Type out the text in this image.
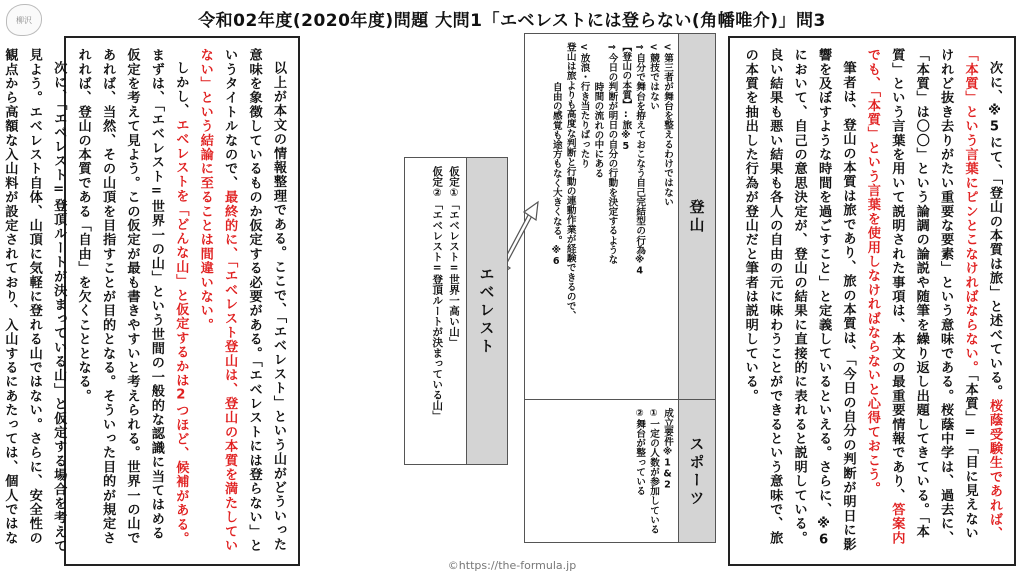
柳沢	令和02年度(2020年度)問題 大問1「エベレストには登らない(角幡唯介)」問3

次に、※5にて、「登山の本質は旅」と述べている。桜蔭受験生であれば、「本質」という言葉にピンとこなければならない。「本質」=「目に見えないけれど抜き去りがたい重要な要素」という意味である。桜蔭中学は、過去に、「本質」は〇〇」という論調の論説や随筆を繰り返し出題してきている。「本質」という言葉を用いて説明された事項は、本文の最重要情報であり、答案内でも、「本質」という言葉を使用しなければならないと心得ておこう。

筆者は、登山の本質は旅であり、旅の本質は、「今日の自分の判断が明日に影響を及ぼすような時間を過ごすこと」と定義しているといえる。さらに、※6において、自己の意思決定が、登山の結果に直接的に表れると説明している。良い結果も悪い結果も各人の自由の元に味わうことができるという意味で、旅の本質を抽出した行為が登山だと筆者は説明している。

登山
スポーツ
<第三者が舞台を整えるわけではない
<競技ではない
⇒自分で舞台を拵えておこなう自己完結型の行為※4
【登山の本質】:旅※5
⇒今日の判断が明日の自分の行動を決定するような
時間の流れの中にある
<放浪・行き当たりばったり
登山は旅よりも高度な判断と行動の連動作業が経験できるので、
自由の感覚も途方もなく大きくなる。※6
成立要件※1&2
①一定の人数が参加している
②舞台が整っている
エベレスト
仮定①「エベレスト=世界一高い山」
仮定②「エベレスト=登頂ルートが決まっている山」

以上が本文の情報整理である。ここで、「エベレスト」という山がどういった意味を象徴しているものか仮定する必要がある。「エベレストには登らない」というタイトルなので、最終的に、「エベレスト登山は、登山の本質を満たしていない」という結論に至ることは間違いない。

しかし、エベレストを「どんな山」と仮定するかは2つほど、候補がある。まずは、「エベレスト=世界一の山」という世間の一般的な認識に当てはめる仮定を考えて見よう。この仮定が最も書きやすいと考えられる。世界一の山であれば、当然、その山頂を目指すことが目的となる。そういった目的が規定されれば、登山の本質である「自由」を欠くこととなる。

次に、「エベレスト=登頂ルートが決まっている山」と仮定する場合を考えて見よう。エベレスト自体、山頂に気軽に登れる山ではない。さらに、安全性の観点から高額な入山料が設定されており、入山するにあたっては、個人ではな

©https://the-formula.jp
